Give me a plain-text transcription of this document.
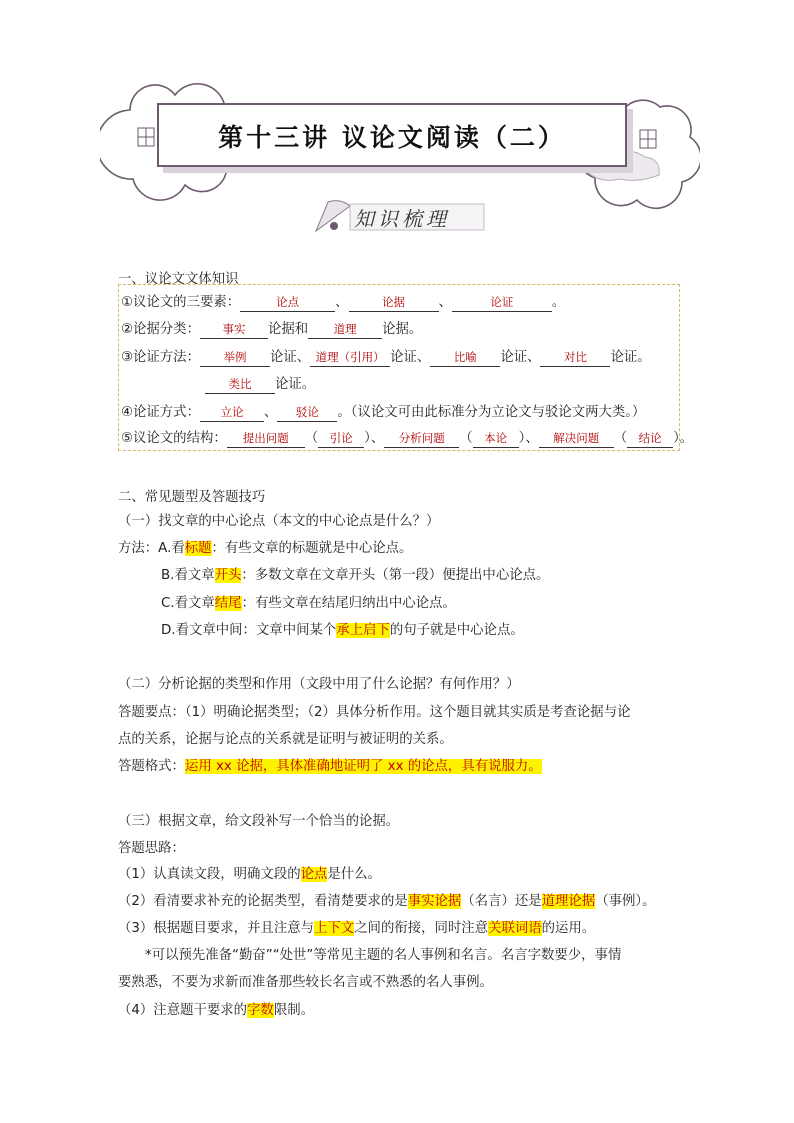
第十三讲 议论文阅读（二）
知识梳理
一、议论文文体知识
①议论文的三要素：	论点	、	论据	、	论证	。
②论据分类： 事实 论据和 道理 论据。
③论证方法： 举例 论证、 道理（引用） 论证、 比喻 论证、 对比 论证。
类比 论证。
④论证方式： 立论 、 驳论 。（议论文可由此标准分为立论文与驳论文两大类。）
⑤议论文的结构： 提出问题 （ 引论 ）、 分析问题 （ 本论 ）、 解决问题 （ 结论 ）。
二、常见题型及答题技巧
（一）找文章的中心论点（本文的中心论点是什么？）
方法：A.看标题：有些文章的标题就是中心论点。
B.看文章开头：多数文章在文章开头（第一段）便提出中心论点。
C.看文章结尾：有些文章在结尾归纳出中心论点。
D.看文章中间：文章中间某个承上启下的句子就是中心论点。
（二）分析论据的类型和作用（文段中用了什么论据？有何作用？）
答题要点：（1）明确论据类型；（2）具体分析作用。这个题目就其实质是考查论据与论
点的关系，论据与论点的关系就是证明与被证明的关系。
答题格式：运用 xx 论据，具体准确地证明了 xx 的论点，具有说服力。
（三）根据文章，给文段补写一个恰当的论据。
答题思路：
（1）认真读文段，明确文段的论点是什么。
（2）看清要求补充的论据类型，看清楚要求的是事实论据（名言）还是道理论据（事例）。
（3）根据题目要求，并且注意与上下文之间的衔接，同时注意关联词语的运用。
*可以预先准备“勤奋”“处世”等常见主题的名人事例和名言。名言字数要少，事情
要熟悉，不要为求新而准备那些较长名言或不熟悉的名人事例。
（4）注意题干要求的字数限制。
